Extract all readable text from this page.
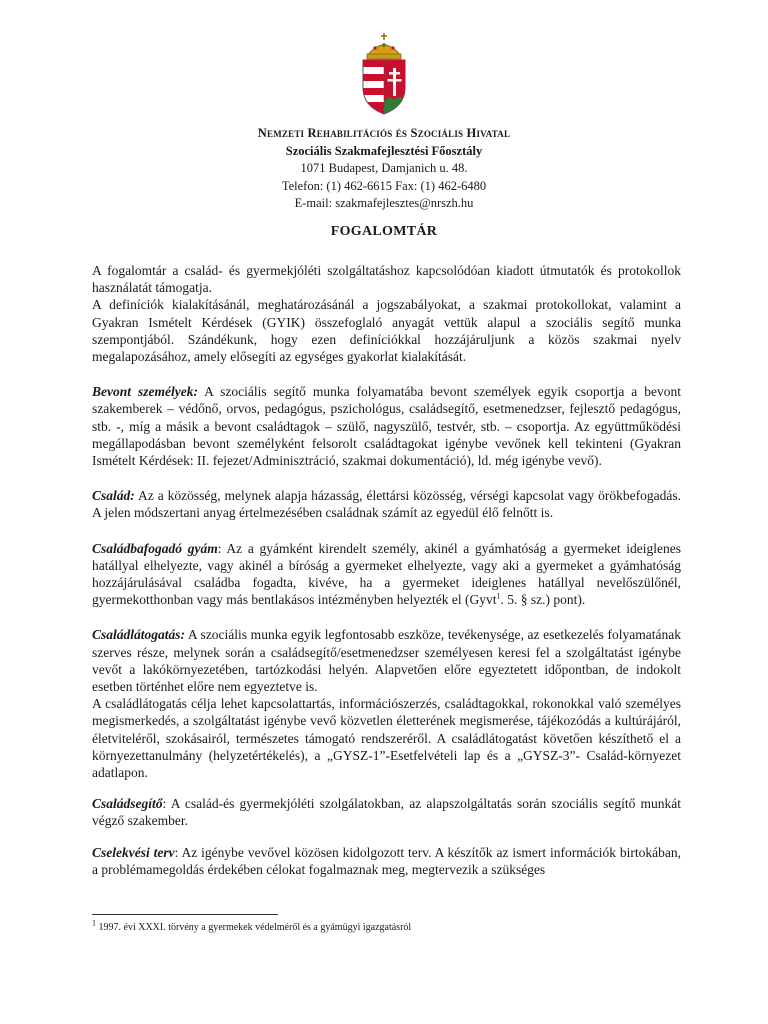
Nemzeti Rehabilitációs és Szociális Hivatal
Szociális Szakmafejlesztési Főosztály
1071 Budapest, Damjanich u. 48.
Telefon: (1) 462-6615 Fax: (1) 462-6480
E-mail: szakmafejlesztes@nrszh.hu
FOGALOMTÁR

A fogalomtár a család- és gyermekjóléti szolgáltatáshoz kapcsolódóan kiadott útmutatók és protokollok használatát támogatja.

A definíciók kialakításánál, meghatározásánál a jogszabályokat, a szakmai protokollokat, valamint a Gyakran Ismételt Kérdések (GYIK) összefoglaló anyagát vettük alapul a szociális segítő munka szempontjából. Szándékunk, hogy ezen definíciókkal hozzájáruljunk a közös szakmai nyelv megalapozásához, amely elősegíti az egységes gyakorlat kialakítását.

Bevont személyek: A szociális segítő munka folyamatába bevont személyek egyik csoportja a bevont szakemberek – védőnő, orvos, pedagógus, pszichológus, családsegítő, esetmenedzser, fejlesztő pedagógus, stb. -, míg a másik a bevont családtagok – szülő, nagyszülő, testvér, stb. – csoportja. Az együttműködési megállapodásban bevont személyként felsorolt családtagokat igénybe vevőnek kell tekinteni (Gyakran Ismételt Kérdések: II. fejezet/Adminisztráció, szakmai dokumentáció), ld. még igénybe vevő).

Család: Az a közösség, melynek alapja házasság, élettársi közösség, vérségi kapcsolat vagy örökbefogadás. A jelen módszertani anyag értelmezésében családnak számít az egyedül élő felnőtt is.

Családbafogadó gyám: Az a gyámként kirendelt személy, akinél a gyámhatóság a gyermeket ideiglenes hatállyal elhelyezte, vagy akinél a bíróság a gyermeket elhelyezte, vagy aki a gyermeket a gyámhatóság hozzájárulásával családba fogadta, kivéve, ha a gyermeket ideiglenes hatállyal nevelőszülőnél, gyermekotthonban vagy más bentlakásos intézményben helyezték el (Gyvt$^1$. 5. § sz.) pont).

Családlátogatás: A szociális munka egyik legfontosabb eszköze, tevékenysége, az esetkezelés folyamatának szerves része, melynek során a családsegítő/esetmenedzser személyesen keresi fel a szolgáltatást igénybe vevőt a lakókörnyezetében, tartózkodási helyén. Alapvetően előre egyeztetett időpontban, de indokolt esetben történhet előre nem egyeztetve is.

A családlátogatás célja lehet kapcsolattartás, információszerzés, családtagokkal, rokonokkal való személyes megismerkedés, a szolgáltatást igénybe vevő közvetlen életterének megismerése, tájékozódás a kultúrájáról, életviteléről, szokásairól, természetes támogató rendszeréről. A családlátogatást követően készíthető el a környezettanulmány (helyzetértékelés), a „GYSZ-1”-Esetfelvételi lap és a „GYSZ-3”- Család-környezet adatlapon.

Családsegítő: A család-és gyermekjóléti szolgálatokban, az alapszolgáltatás során szociális segítő munkát végző szakember.

Cselekvési terv: Az igénybe vevővel közösen kidolgozott terv. A készítők az ismert információk birtokában, a problémamegoldás érdekében célokat fogalmaznak meg, megtervezik a szükséges

$^1$ 1997. évi XXXI. törvény a gyermekek védelméről és a gyámügyi igazgatásról
